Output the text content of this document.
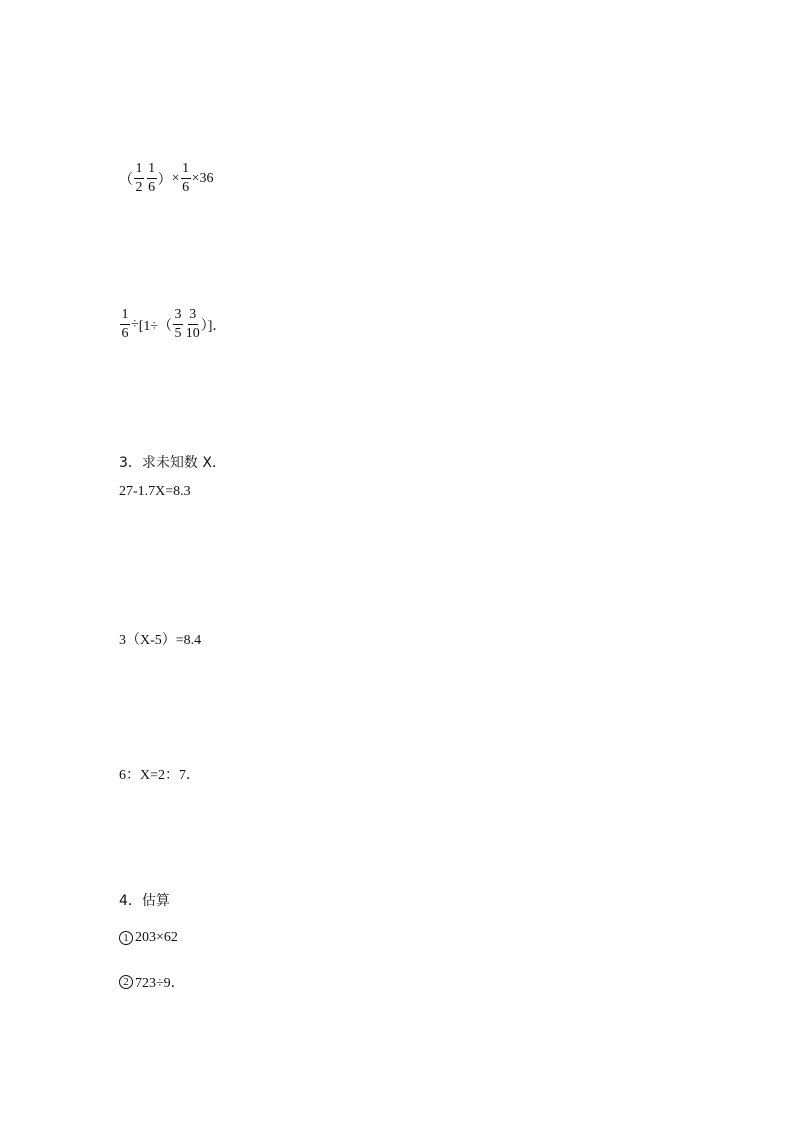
（ $\frac{1}{2} - \frac{1}{6}$ ） × $\frac{1}{6} \times 36$
$\frac{1}{6} \div [1\div( \frac{3}{5} - \frac{3}{10}$ ）]．
3．求未知数 X．
27-1.7X=8.3
3（X-5）=8.4
6：X=2：7．
4．估算
1 203×62
2 723÷9．
